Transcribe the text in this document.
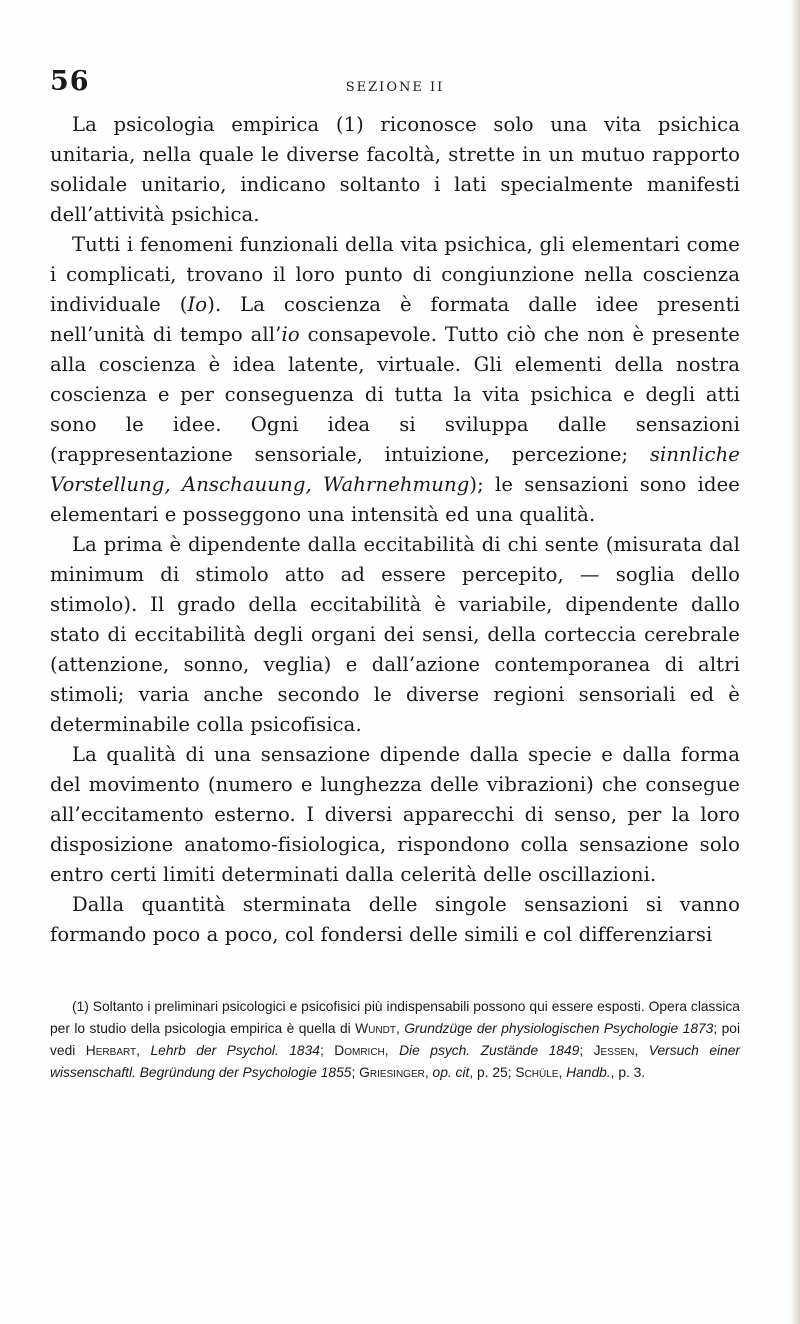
56	SEZIONE II

La psicologia empirica (1) riconosce solo una vita psichica unitaria, nella quale le diverse facoltà, strette in un mutuo rapporto solidale unitario, indicano soltanto i lati specialmente manifesti dell’attività psichica.

Tutti i fenomeni funzionali della vita psichica, gli elementari come i complicati, trovano il loro punto di congiunzione nella coscienza individuale (Io). La coscienza è formata dalle idee presenti nell’unità di tempo all’io consapevole. Tutto ciò che non è presente alla coscienza è idea latente, virtuale. Gli elementi della nostra coscienza e per conseguenza di tutta la vita psichica e degli atti sono le idee. Ogni idea si sviluppa dalle sensazioni (rappresentazione sensoriale, intuizione, percezione; sinnliche Vorstellung, Anschauung, Wahrnehmung); le sensazioni sono idee elementari e posseggono una intensità ed una qualità.

La prima è dipendente dalla eccitabilità di chi sente (misurata dal minimum di stimolo atto ad essere percepito, — soglia dello stimolo). Il grado della eccitabilità è variabile, dipendente dallo stato di eccitabilità degli organi dei sensi, della corteccia cerebrale (attenzione, sonno, veglia) e dall’azione contemporanea di altri stimoli; varia anche secondo le diverse regioni sensoriali ed è determinabile colla psicofisica.

La qualità di una sensazione dipende dalla specie e dalla forma del movimento (numero e lunghezza delle vibrazioni) che consegue all’eccitamento esterno. I diversi apparecchi di senso, per la loro disposizione anatomo-fisiologica, rispondono colla sensazione solo entro certi limiti determinati dalla celerità delle oscillazioni.

Dalla quantità sterminata delle singole sensazioni si vanno formando poco a poco, col fondersi delle simili e col differenziarsi

(1) Soltanto i preliminari psicologici e psicofisici più indispensabili possono qui essere esposti. Opera classica per lo studio della psicologia empirica è quella di Wundt, Grundzüge der physiologischen Psychologie 1873; poi vedi Herbart, Lehrb der Psychol. 1834; Domrich, Die psych. Zustände 1849; Jessen, Versuch einer wissenschaftl. Begründung der Psychologie 1855; Griesinger, op. cit, p. 25; Schüle, Handb., p. 3.
